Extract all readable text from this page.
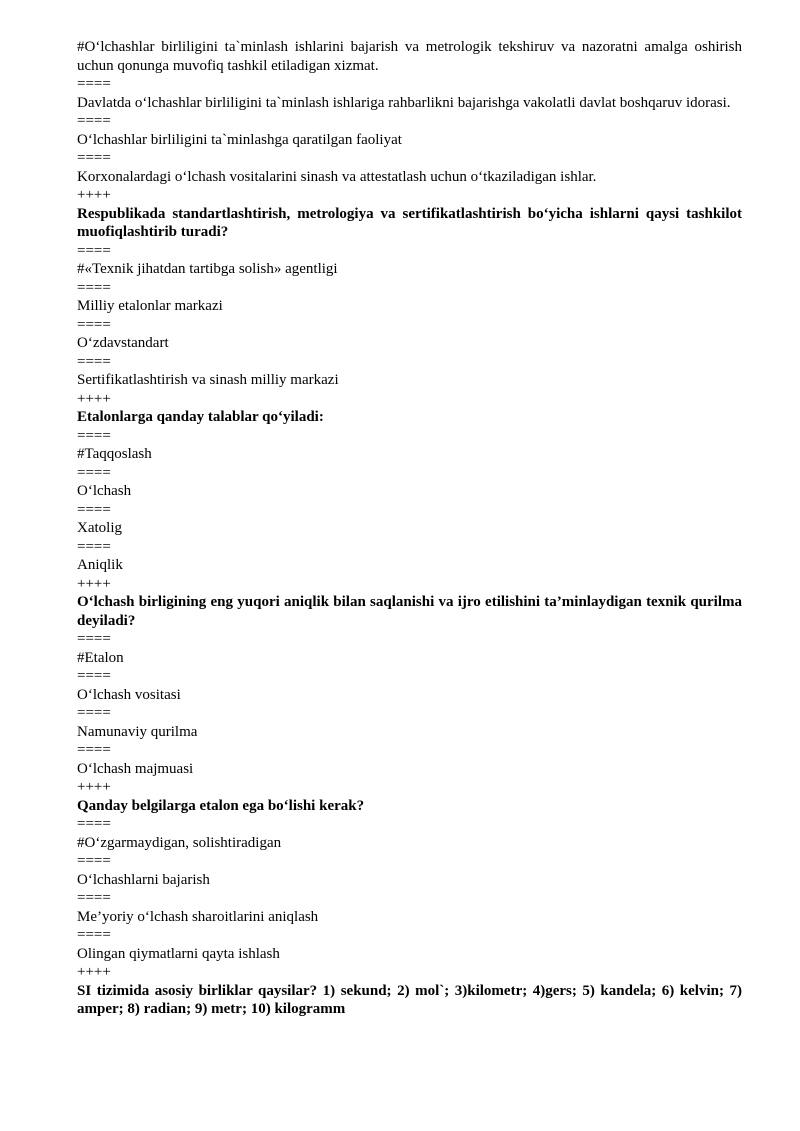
#O‘lchashlar birliligini ta`minlash ishlarini bajarish va metrologik tekshiruv va nazoratni amalga oshirish uchun qonunga muvofiq tashkil etiladigan xizmat.

====

Davlatda o‘lchashlar birliligini ta`minlash ishlariga rahbarlikni bajarishga vakolatli davlat boshqaruv idorasi.

====

O‘lchashlar birliligini ta`minlashga qaratilgan faoliyat

====

Korxonalardagi o‘lchash vositalarini sinash va attestatlash uchun o‘tkaziladigan ishlar.

++++

Respublikada standartlashtirish, metrologiya va sertifikatlashtirish bo‘yicha ishlarni qaysi tashkilot muofiqlashtirib turadi?

====

#«Texnik jihatdan tartibga solish» agentligi

====

Milliy etalonlar markazi

====

O‘zdavstandart

====

Sertifikatlashtirish va sinash milliy markazi

++++

Etalonlarga qanday talablar qo‘yiladi:

====

#Taqqoslash

====

O‘lchash

====

Xatolig

====

Aniqlik

++++

O‘lchash birligining eng yuqori aniqlik bilan saqlanishi va ijro etilishini ta’minlaydigan texnik qurilma deyiladi?

====

#Etalon

====

O‘lchash vositasi

====

Namunaviy qurilma

====

O‘lchash majmuasi

++++

Qanday belgilarga etalon ega bo‘lishi kerak?

====

#O‘zgarmaydigan, solishtiradigan

====

O‘lchashlarni bajarish

====

Me’yoriy o‘lchash sharoitlarini aniqlash

====

Olingan qiymatlarni qayta ishlash

++++

SI tizimida asosiy birliklar qaysilar? 1) sekund; 2) mol`; 3)kilometr; 4)gers; 5) kandela; 6) kelvin; 7) amper; 8) radian; 9) metr; 10) kilogramm
